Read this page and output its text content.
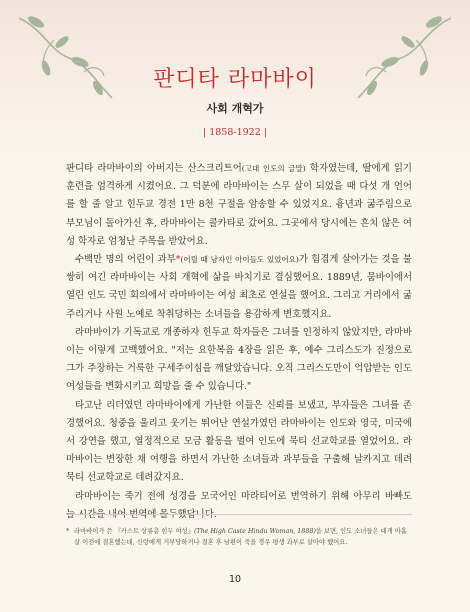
판디타 라마바이
사회 개혁가
| 1858-1922 |

판디타 라마바이의 아버지는 산스크리트어(고대 인도의 글말) 학자였는데, 딸에게 읽기 훈련을 엄격하게 시켰어요. 그 덕분에 라마바이는 스무 살이 되었을 때 다섯 개 언어를 할 줄 알고 힌두교 경전 1만 8천 구절을 암송할 수 있었지요. 흉년과 굶주림으로 부모님이 돌아가신 후, 라마바이는 콜카타로 갔어요. 그곳에서 당시에는 흔치 않은 여성 학자로 엄청난 주목을 받았어요.

수백만 명의 어린이 과부*(어릴 때 남자인 아이들도 있었어요)가 힘겹게 살아가는 것을 불쌍히 여긴 라마바이는 사회 개혁에 삶을 바치기로 결심했어요. 1889년, 뭄바이에서 열린 인도 국민 회의에서 라마바이는 여성 최초로 연설을 했어요. 그리고 거리에서 굶주리거나 사원 노예로 착취당하는 소녀들을 용감하게 변호했지요.

라마바이가 기독교로 개종하자 힌두교 학자들은 그녀를 인정하지 않았지만, 라마바이는 이렇게 고백했어요. "저는 요한복음 4장을 읽은 후, 예수 그리스도가 진정으로 그가 주장하는 거룩한 구세주이심을 깨달았습니다. 오직 그리스도만이 억압받는 인도 여성들을 변화시키고 희망을 줄 수 있습니다."

타고난 리더였던 라마바이에게 가난한 이들은 신뢰를 보냈고, 부자들은 그녀를 존경했어요. 청중을 울리고 웃기는 뛰어난 연설가였던 라마바이는 인도와 영국, 미국에서 강연을 했고, 열정적으로 모금 활동을 벌여 인도에 묵티 선교학교를 열었어요. 라마바이는 변장한 채 여행을 하면서 가난한 소녀들과 과부들을 구출해 날카지고 데려 묵티 선교학교로 데려갔지요.

라마바이는 죽기 전에 성경을 모국어인 마라티어로 번역하기 위해 아무리 바빠도 늘 시간을 내어 번역에 몰두했답니다.

* 라마바이가 쓴 『카스트 상류층 힌두 여성』(The High Caste Hindu Woman, 1888)을 보면, 인도 소녀들은 대개 아홉 살 이전에 결혼했는데, 신랑에게 거부당하거나 결혼 후 남편이 죽을 경우 평생 과부로 살아야 했어요.
10
